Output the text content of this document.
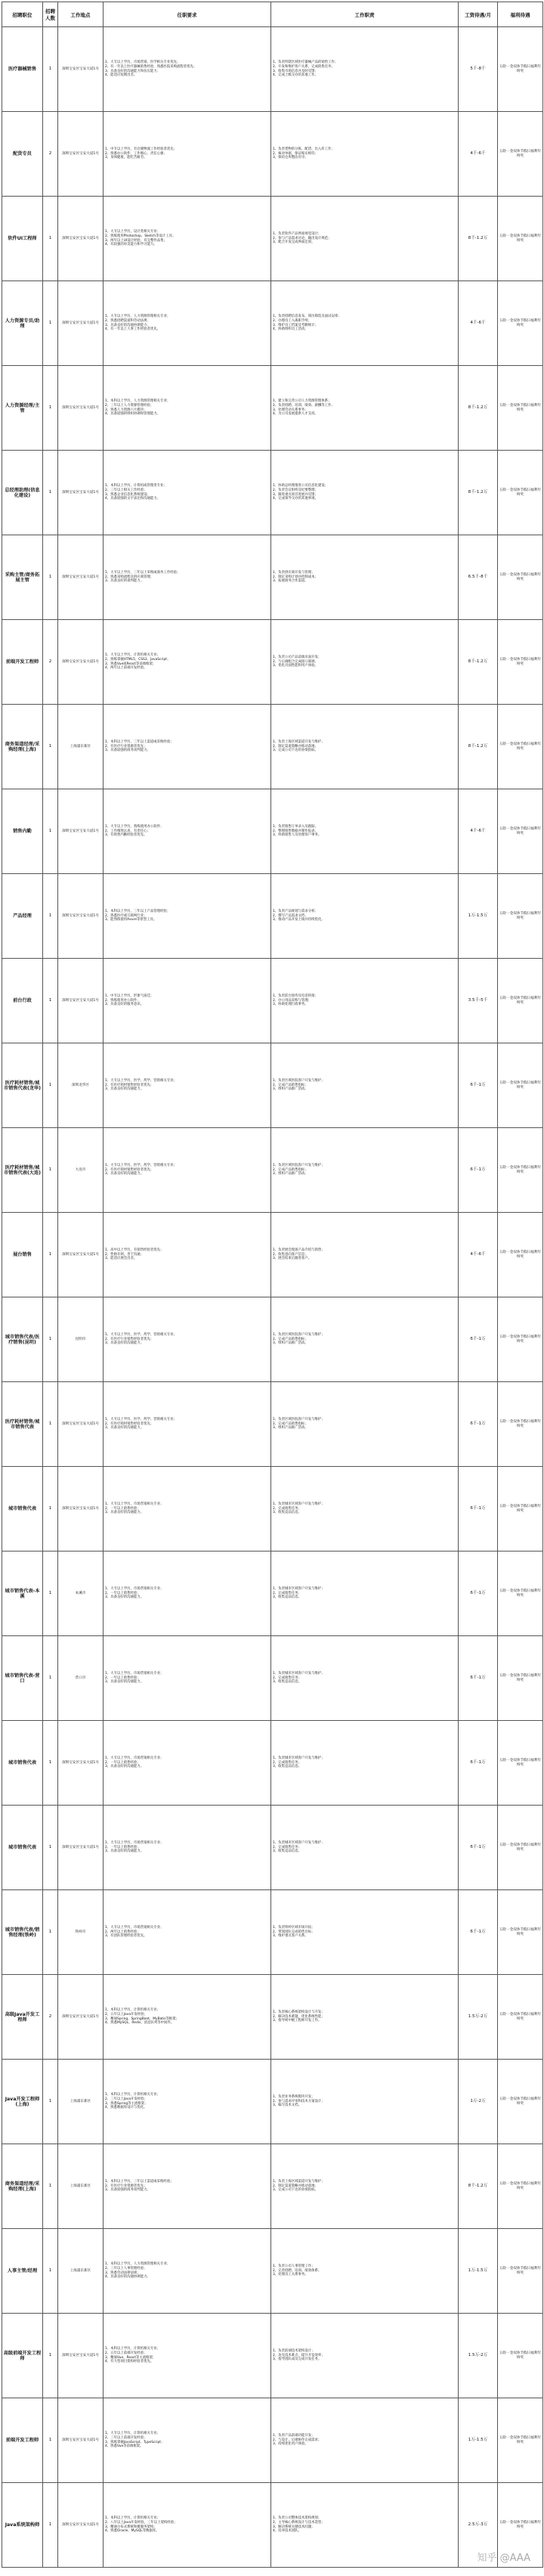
招聘职位	招聘人数	工作地点	任职要求	工作职责	工资待遇/月	福利待遇
医疗器械销售	1	深圳宝安区宝安大道1号	1、大专以上学历，市场营销、医学相关专业优先；
2、有一年以上医疗器械销售经验，熟悉医院采购流程者优先；
3、具备良好的沟通能力和抗压能力；
4、能适应短期出差。	1、负责所辖区域医疗器械产品的销售工作；
2、开发和维护客户关系，完成销售任务；
3、收集市场信息并及时反馈；
4、完成上级交办的其他工作。	5千-8千	五险一金双休节假日福利年终奖
配货专员	2	深圳宝安区宝安大道1号	1、中专以上学历，有仓储物流工作经验者优先；
2、熟悉办公软件，工作细心、责任心强；
3、身体健康，能吃苦耐劳。	1、负责货物的分拣、配货、出入库工作；
2、核对单据，保证账实相符；
3、保持仓库整洁有序。	4千-6千	五险一金双休节假日福利年终奖
软件UI工程师	1	深圳宝安区宝安大道1号	1、大专以上学历，设计类相关专业；
2、熟练使用Photoshop、Sketch等设计工具；
3、两年以上UI设计经验，有完整作品集；
4、有较强的审美能力和学习能力。	1、负责软件产品界面视觉设计；
2、参与产品需求讨论，输出设计规范；
3、配合开发完成界面还原。	8千-1.2万	五险一金双休节假日福利年终奖
人力资源专员/助理	1	深圳宝安区宝安大道1号	1、大专以上学历，人力资源管理相关专业；
2、熟悉招聘渠道和劳动法规；
3、具备良好的沟通协调能力；
4、有一年以上人事工作经验者优先。	1、负责招聘信息发布、简历筛选及面试安排；
2、办理员工入离职手续；
3、维护员工档案及考勤统计；
4、协助组织员工活动。	4千-6千	五险一金双休节假日福利年终奖
人力资源经理/主管	1	深圳宝安区宝安大道1号	1、本科以上学历，人力资源管理相关专业；
2、三年以上人力资源管理经验；
3、熟悉人力资源六大模块；
4、具备较强的组织协调和管理能力。	1、建立和完善公司人力资源管理体系；
2、负责招聘、培训、绩效、薪酬等工作；
3、处理劳动关系事务；
4、为公司发展提供人才支持。	8千-1.2万	五险一金双休节假日福利年终奖
总经理助理(信息化建设)	1	深圳宝安区宝安大道1号	1、本科以上学历，计算机或管理类专业；
2、三年以上相关工作经验；
3、熟悉企业信息化系统建设；
4、具备较强的文字表达和沟通能力。	1、协助总经理推进公司信息化建设；
2、负责会议组织及纪要整理；
3、跟进重点项目进展并反馈；
4、完成领导交办的其他事项。	8千-1.2万	五险一金双休节假日福利年终奖
采购主管/商务拓展主管	1	深圳宝安区宝安大道1号	1、大专以上学历，三年以上采购或商务工作经验；
2、熟悉采购流程及供应商管理；
3、具备良好的谈判能力。	1、负责供应商开发与管理；
2、制定采购计划并控制成本；
3、拓展商务合作渠道。	6.5千-8千	五险一金双休节假日福利年终奖
前端开发工程师	2	深圳宝安区宝安大道1号	1、大专以上学历，计算机相关专业；
2、熟练掌握HTML5、CSS3、JavaScript；
3、熟悉Vue或React等前端框架；
4、两年以上前端开发经验。	1、负责公司产品前端页面开发；
2、与后端配合完成接口联调；
3、优化页面性能和用户体验。	8千-1.2万	五险一金双休节假日福利年终奖
商务渠道经理/采购经理(上海)	1	上海浦东新区	1、本科以上学历，三年以上渠道或采购经验；
2、有医疗行业资源者优先；
3、具备较强的商务谈判能力。	1、负责上海区域渠道开发与维护；
2、制定渠道策略并推动落地；
3、完成公司下达的业绩指标。	8千-1.2万	五险一金双休节假日福利年终奖
销售内勤	1	深圳宝安区宝安大道1号	1、大专以上学历，熟练使用办公软件；
2、工作细致认真，有责任心；
3、有销售内勤经验者优先。	1、负责销售订单录入及跟踪；
2、整理销售数据并制作报表；
3、协助销售人员处理客户事务。	4千-6千	五险一金双休节假日福利年终奖
产品经理	1	深圳宝安区宝安大道1号	1、本科以上学历，三年以上产品管理经验；
2、熟悉医疗或互联网行业；
3、能熟练使用Axure等原型工具。	1、负责产品规划与需求分析；
2、撰写产品需求文档；
3、推动产品开发上线并持续优化。	1万-1.5万	五险一金双休节假日福利年终奖
前台行政	1	深圳宝安区宝安大道1号	1、中专以上学历，形象气质佳；
2、熟练使用办公软件；
3、具备良好的服务意识。	1、负责前台接待及电话转接；
2、办公用品采购与管理；
3、协助处理行政事务。	3.5千-5千	五险一金双休节假日福利年终奖
医疗耗材销售/城市销售代表(龙华)	1	深圳龙华区	1、大专以上学历，医学、药学、营销相关专业；
2、有医疗耗材销售经验者优先；
3、具备良好的沟通能力。	1、负责区域医院客户开发与维护；
2、完成产品销售指标；
3、组织产品推广活动。	6千-1万	五险一金双休节假日福利年终奖
医疗耗材销售/城市销售代表(大连)	1	大连市	1、大专以上学历，医学、药学、营销相关专业；
2、有医疗耗材销售经验者优先；
3、具备良好的沟通能力。	1、负责区域医院客户开发与维护；
2、完成产品销售指标；
3、组织产品推广活动。	6千-1万	五险一金双休节假日福利年终奖
展台销售	1	深圳宝安区宝安大道1号	1、高中以上学历，有销售经验者优先；
2、性格开朗，善于沟通；
3、能适应展会出差。	1、负责展会现场产品介绍与销售；
2、收集意向客户信息；
3、展会结束后跟进客户。	4千-6千	五险一金双休节假日福利年终奖
城市销售代表/医疗销售(昆明)	1	昆明市	1、大专以上学历，医学、药学、营销相关专业；
2、有医疗行业销售经验者优先；
3、具备良好的沟通能力。	1、负责区域医院客户开发与维护；
2、完成产品销售指标；
3、组织产品推广活动。	6千-1万	五险一金双休节假日福利年终奖
医疗耗材销售/城市销售代表	1	深圳宝安区宝安大道1号	1、大专以上学历，医学、药学、营销相关专业；
2、有医疗耗材销售经验者优先；
3、具备良好的沟通能力。	1、负责区域医院客户开发与维护；
2、完成产品销售指标；
3、组织产品推广活动。	6千-1万	五险一金双休节假日福利年终奖
城市销售代表	1	深圳宝安区宝安大道1号	1、大专以上学历，市场营销相关专业；
2、一年以上销售经验；
3、具备良好的沟通能力。	1、负责城市区域客户开发与维护；
2、完成销售任务；
3、收集竞品信息。	6千-1万	五险一金双休节假日福利年终奖
城市销售代表-本溪	1	本溪市	1、大专以上学历，市场营销相关专业；
2、一年以上销售经验；
3、具备良好的沟通能力。	1、负责城市区域客户开发与维护；
2、完成销售任务；
3、收集竞品信息。	6千-1万	五险一金双休节假日福利年终奖
城市销售代表-营口	1	营口市	1、大专以上学历，市场营销相关专业；
2、一年以上销售经验；
3、具备良好的沟通能力。	1、负责城市区域客户开发与维护；
2、完成销售任务；
3、收集竞品信息。	6千-1万	五险一金双休节假日福利年终奖
城市销售代表	1	深圳宝安区宝安大道1号	1、大专以上学历，市场营销相关专业；
2、一年以上销售经验；
3、具备良好的沟通能力。	1、负责城市区域客户开发与维护；
2、完成销售任务；
3、收集竞品信息。	6千-1万	五险一金双休节假日福利年终奖
城市销售代表	1	深圳宝安区宝安大道1号	1、大专以上学历，市场营销相关专业；
2、一年以上销售经验；
3、具备良好的沟通能力。	1、负责城市区域客户开发与维护；
2、完成销售任务；
3、收集竞品信息。	6千-1万	五险一金双休节假日福利年终奖
城市销售代表/销售经理(铁岭)	1	铁岭市	1、大专以上学历，市场营销相关专业；
2、两年以上销售经验；
3、有团队管理经验者优先。	1、负责铁岭区域市场开拓；
2、带领团队完成销售目标；
3、维护重点客户关系。	6千-1万	五险一金双休节假日福利年终奖
高级Java开发工程师	2	深圳宝安区宝安大道1号	1、本科以上学历，计算机相关专业；
2、五年以上Java开发经验；
3、精通Spring、SpringBoot、MyBatis等框架；
4、熟悉MySQL、Redis、消息队列等中间件。	1、负责核心系统架构设计与开发；
2、解决技术难题，优化系统性能；
3、指导初中级工程师开发工作。	1.5万-2万	五险一金双休节假日福利年终奖
Java开发工程师(上海)	1	上海浦东新区	1、本科以上学历，计算机相关专业；
2、三年以上Java开发经验；
3、熟悉Spring等主流框架；
4、熟悉数据库设计与优化。	1、负责业务系统模块开发；
2、参与需求评审和技术方案设计；
3、编写技术文档。	1万-2万	五险一金双休节假日福利年终奖
商务渠道经理/采购经理(上海)	1	上海浦东新区	1、本科以上学历，三年以上渠道或采购经验；
2、有医疗行业资源者优先；
3、具备较强的商务谈判能力。	1、负责上海区域渠道开发与维护；
2、制定渠道策略并推动落地；
3、完成公司下达的业绩指标。	8千-1.2万	五险一金双休节假日福利年终奖
人事主管/经理	1	上海浦东新区	1、本科以上学历，人力资源管理相关专业；
2、三年以上人事管理经验；
3、熟悉劳动法律法规；
4、具备良好的沟通协调能力。	1、负责公司人事管理工作；
2、完善招聘、培训、绩效体系；
3、处理员工关系事务。	1万-1.5万	五险一金双休节假日福利年终奖
高级前端开发工程师	1	深圳宝安区宝安大道1号	1、本科以上学历，计算机相关专业；
2、五年以上前端开发经验；
3、精通Vue、React等主流框架；
4、有大型项目架构经验者优先。	1、负责前端技术架构设计；
2、攻克技术难点，提升开发效率；
3、指导团队成员完成开发任务。	1.5万-2万	五险一金双休节假日福利年终奖
前端开发工程师	1	深圳宝安区宝安大道1号	1、大专以上学历，计算机相关专业；
2、三年以上前端开发经验；
3、熟练掌握JavaScript、TypeScript；
4、熟悉Vue等前端框架。	1、负责产品前端功能开发；
2、与设计、后端协作完成需求；
3、持续优化用户体验。	1万-1.5万	五险一金双休节假日福利年终奖
Java系统架构师	1	深圳宝安区宝安大道1号	1、本科以上学历，计算机相关专业；
2、八年以上Java开发经验，三年以上架构经验；
3、精通分布式系统和微服务架构；
4、熟悉Oracle、MySQL等数据库。	1、负责公司整体技术架构规划；
2、主导核心系统设计与技术选型；
3、解决系统关键技术问题；
4、培养技术团队。	2.5万-3万	五险一金双休节假日福利年终奖
知乎 @AAA
